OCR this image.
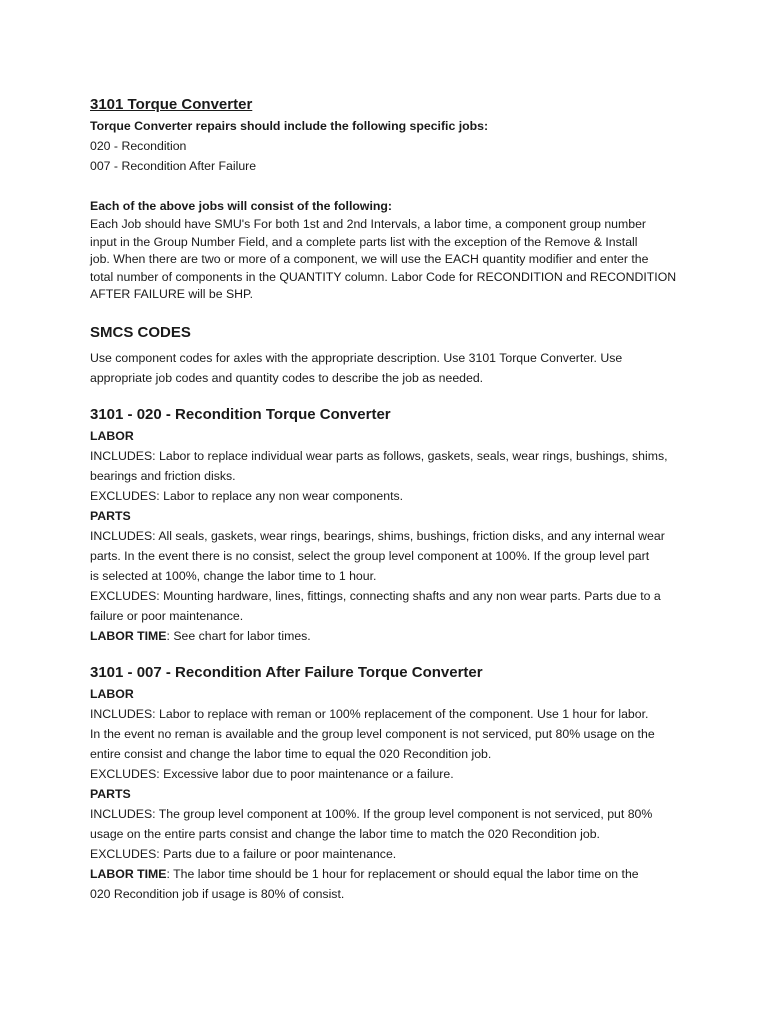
3101 Torque Converter

Torque Converter repairs should include the following specific jobs:

020 - Recondition

007 - Recondition After Failure

Each of the above jobs will consist of the following:

Each Job should have SMU's For both 1st and 2nd Intervals, a labor time, a component group number

input in the Group Number Field, and a complete parts list with the exception of the Remove & Install

job. When there are two or more of a component, we will use the EACH quantity modifier and enter the

total number of components in the QUANTITY column. Labor Code for RECONDITION and RECONDITION

AFTER FAILURE will be SHP.

SMCS CODES

Use component codes for axles with the appropriate description. Use 3101 Torque Converter. Use

appropriate job codes and quantity codes to describe the job as needed.

3101 - 020 - Recondition Torque Converter

LABOR

INCLUDES: Labor to replace individual wear parts as follows, gaskets, seals, wear rings, bushings, shims,

bearings and friction disks.

EXCLUDES: Labor to replace any non wear components.

PARTS

INCLUDES: All seals, gaskets, wear rings, bearings, shims, bushings, friction disks, and any internal wear

parts. In the event there is no consist, select the group level component at 100%. If the group level part

is selected at 100%, change the labor time to 1 hour.

EXCLUDES: Mounting hardware, lines, fittings, connecting shafts and any non wear parts. Parts due to a

failure or poor maintenance.

LABOR TIME: See chart for labor times.

3101 - 007 - Recondition After Failure Torque Converter

LABOR

INCLUDES: Labor to replace with reman or 100% replacement of the component. Use 1 hour for labor.

In the event no reman is available and the group level component is not serviced, put 80% usage on the

entire consist and change the labor time to equal the 020 Recondition job.

EXCLUDES: Excessive labor due to poor maintenance or a failure.

PARTS

INCLUDES: The group level component at 100%. If the group level component is not serviced, put 80%

usage on the entire parts consist and change the labor time to match the 020 Recondition job.

EXCLUDES: Parts due to a failure or poor maintenance.

LABOR TIME: The labor time should be 1 hour for replacement or should equal the labor time on the

020 Recondition job if usage is 80% of consist.
